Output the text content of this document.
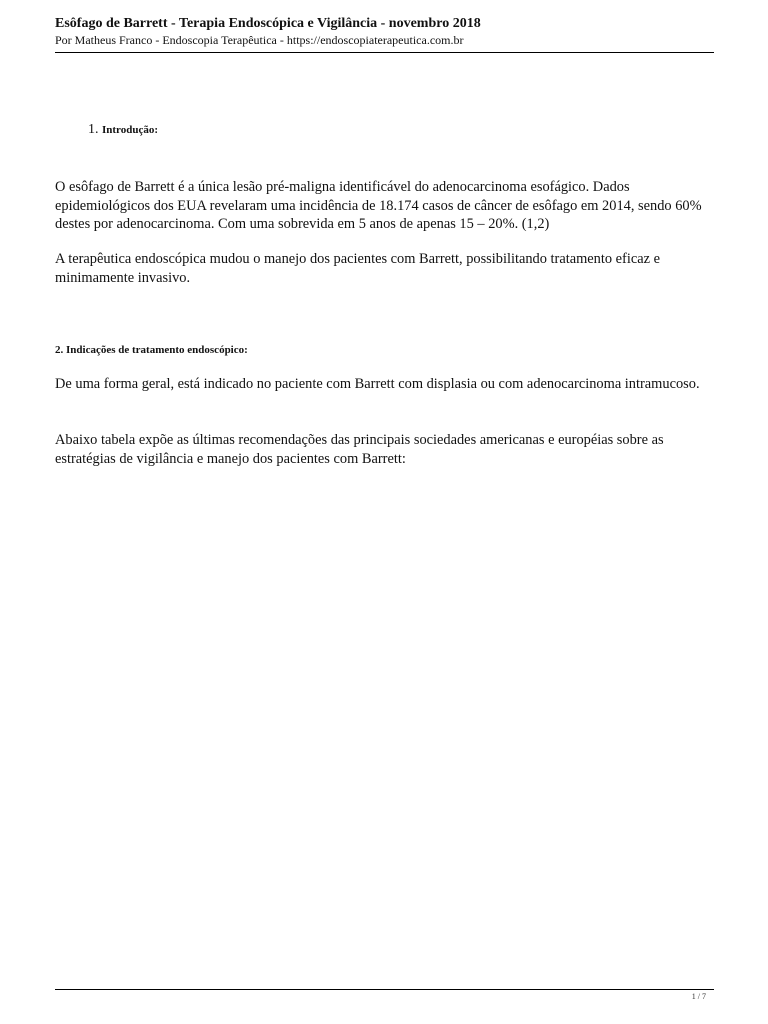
Esôfago de Barrett - Terapia Endoscópica e Vigilância - novembro 2018

Por Matheus Franco - Endoscopia Terapêutica - https://endoscopiaterapeutica.com.br

1. Introdução:

O esôfago de Barrett é a única lesão pré-maligna identificável do adenocarcinoma esofágico. Dados epidemiológicos dos EUA revelaram uma incidência de 18.174 casos de câncer de esôfago em 2014, sendo 60% destes por adenocarcinoma. Com uma sobrevida em 5 anos de apenas 15 – 20%. (1,2)

A terapêutica endoscópica mudou o manejo dos pacientes com Barrett, possibilitando tratamento eficaz e minimamente invasivo.

2. Indicações de tratamento endoscópico:

De uma forma geral, está indicado no paciente com Barrett com displasia ou com adenocarcinoma intramucoso.

Abaixo tabela expõe as últimas recomendações das principais sociedades americanas e européias sobre as estratégias de vigilância e manejo dos pacientes com Barrett:

1 / 7
